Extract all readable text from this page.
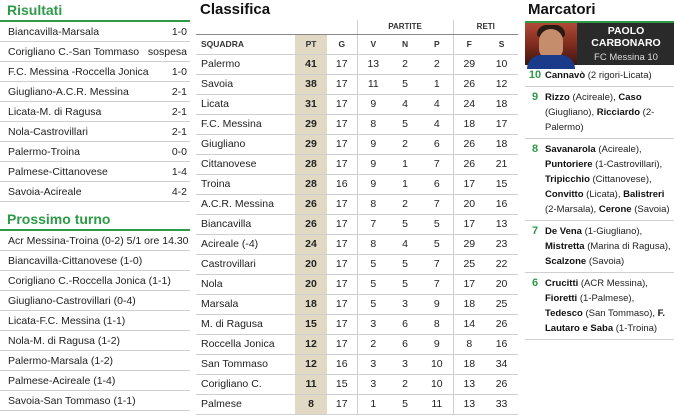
Risultati
Biancavilla-Marsala	1-0
Corigliano C.-San Tommaso sospesa
F.C. Messina -Roccella Jonica 1-0
Giugliano-A.C.R. Messina	2-1
Licata-M. di Ragusa	2-1
Nola-Castrovillari	2-1
Palermo-Troina	0-0
Palmese-Cittanovese	1-4
Savoia-Acireale	4-2
Prossimo turno
Acr Messina-Troina (0-2) 5/1 ore 14.30
Biancavilla-Cittanovese (1-0)
Corigliano C.-Roccella Jonica (1-1)
Giugliano-Castrovillari (0-4)
Licata-F.C. Messina (1-1)
Nola-M. di Ragusa (1-2)
Palermo-Marsala (1-2)
Palmese-Acireale (1-4)
Savoia-San Tommaso (1-1)
Classifica
			PARTITE			RETI	
SQUADRA	PT	G	V	N	P	F	S
Palermo	41	17	13	2	2	29	10
Savoia	38	17	11	5	1	26	12
Licata	31	17	9	4	4	24	18
F.C. Messina	29	17	8	5	4	18	17
Giugliano	29	17	9	2	6	26	18
Cittanovese	28	17	9	1	7	26	21
Troina	28	16	9	1	6	17	15
A.C.R. Messina	26	17	8	2	7	20	16
Biancavilla	26	17	7	5	5	17	13
Acireale (-4)	24	17	8	4	5	29	23
Castrovillari	20	17	5	5	7	25	22
Nola	20	17	5	5	7	17	20
Marsala	18	17	5	3	9	18	25
M. di Ragusa	15	17	3	6	8	14	26
Roccella Jonica	12	17	2	6	9	8	16
San Tommaso	12	16	3	3	10	18	34
Corigliano C.	11	15	3	2	10	13	26
Palmese	8	17	1	5	11	13	33
Marcatori
PAOLO
CARBONARO
FC Messina 10
10 Cannavò (2 rigori-Licata)
9 Rizzo (Acireale), Caso (Giugliano), Ricciardo (2-Palermo)
8 Savanarola (Acireale), Puntoriere (1-Castrovillari), Tripicchio (Cittanovese), Convitto (Licata), Balistreri (2-Marsala), Cerone (Savoia)
7 De Vena (1-Giugliano), Mistretta (Marina di Ragusa), Scalzone (Savoia)
6 Crucitti (ACR Messina), Fioretti (1-Palmese), Tedesco (San Tommaso), F. Lautaro e Saba (1-Troina)
